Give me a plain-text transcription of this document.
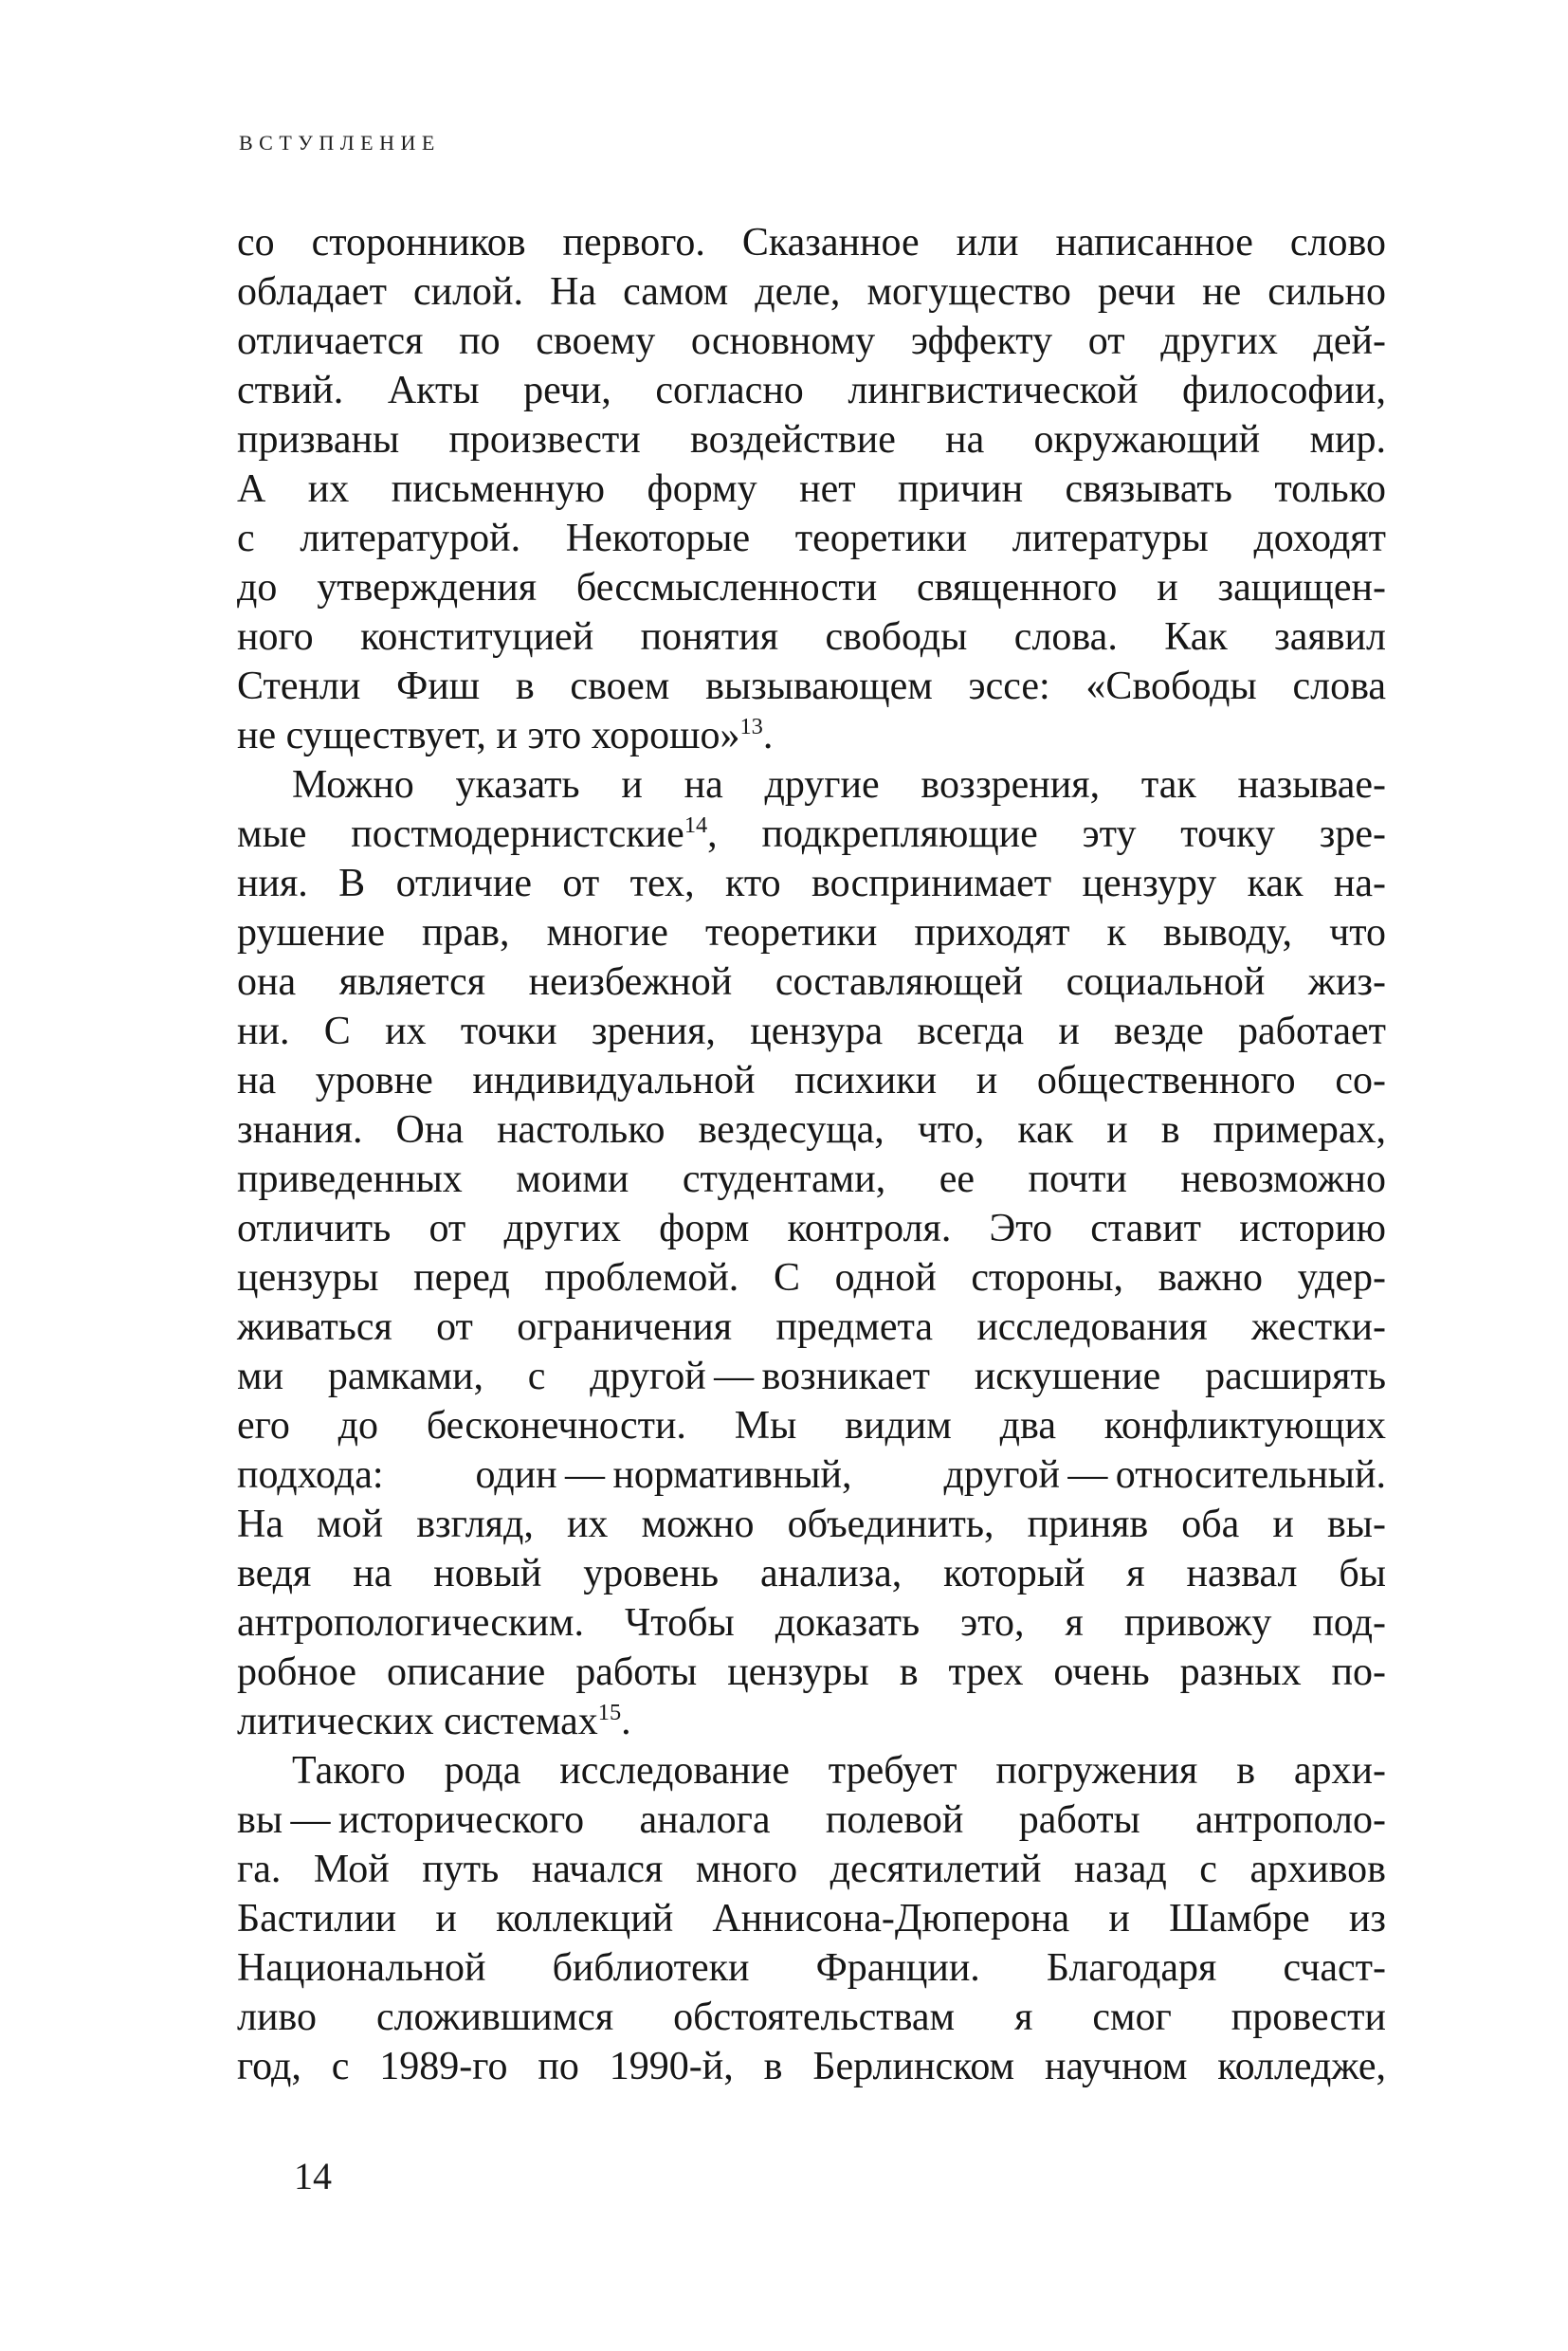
ВСТУПЛЕНИЕ
со сторонников первого. Сказанное или написанное слово
обладает силой. На самом деле, могущество речи не сильно
отличается по своему основному эффекту от других дей-
ствий. Акты речи, согласно лингвистической философии,
призваны произвести воздействие на окружающий мир.
А их письменную форму нет причин связывать только
с литературой. Некоторые теоретики литературы доходят
до утверждения бессмысленности священного и защищен-
ного конституцией понятия свободы слова. Как заявил
Стенли Фиш в своем вызывающем эссе: «Свободы слова
не существует, и это хорошо»$^{13}$.
Можно указать и на другие воззрения, так называе-
мые постмодернистские$^{14}$, подкрепляющие эту точку зре-
ния. В отличие от тех, кто воспринимает цензуру как на-
рушение прав, многие теоретики приходят к выводу, что
она является неизбежной составляющей социальной жиз-
ни. С их точки зрения, цензура всегда и везде работает
на уровне индивидуальной психики и общественного со-
знания. Она настолько вездесуща, что, как и в примерах,
приведенных моими студентами, ее почти невозможно
отличить от других форм контроля. Это ставит историю
цензуры перед проблемой. С одной стороны, важно удер-
живаться от ограничения предмета исследования жестки-
ми рамками, с другой — возникает искушение расширять
его до бесконечности. Мы видим два конфликтующих
подхода: один — нормативный, другой — относительный.
На мой взгляд, их можно объединить, приняв оба и вы-
ведя на новый уровень анализа, который я назвал бы
антропологическим. Чтобы доказать это, я привожу под-
робное описание работы цензуры в трех очень разных по-
литических системах$^{15}$.
Такого рода исследование требует погружения в архи-
вы — исторического аналога полевой работы антрополо-
га. Мой путь начался много десятилетий назад с архивов
Бастилии и коллекций Аннисона-Дюперона и Шамбре из
Национальной библиотеки Франции. Благодаря счаст-
ливо сложившимся обстоятельствам я смог провести
год, с 1989-го по 1990-й, в Берлинском научном колледже,
14
